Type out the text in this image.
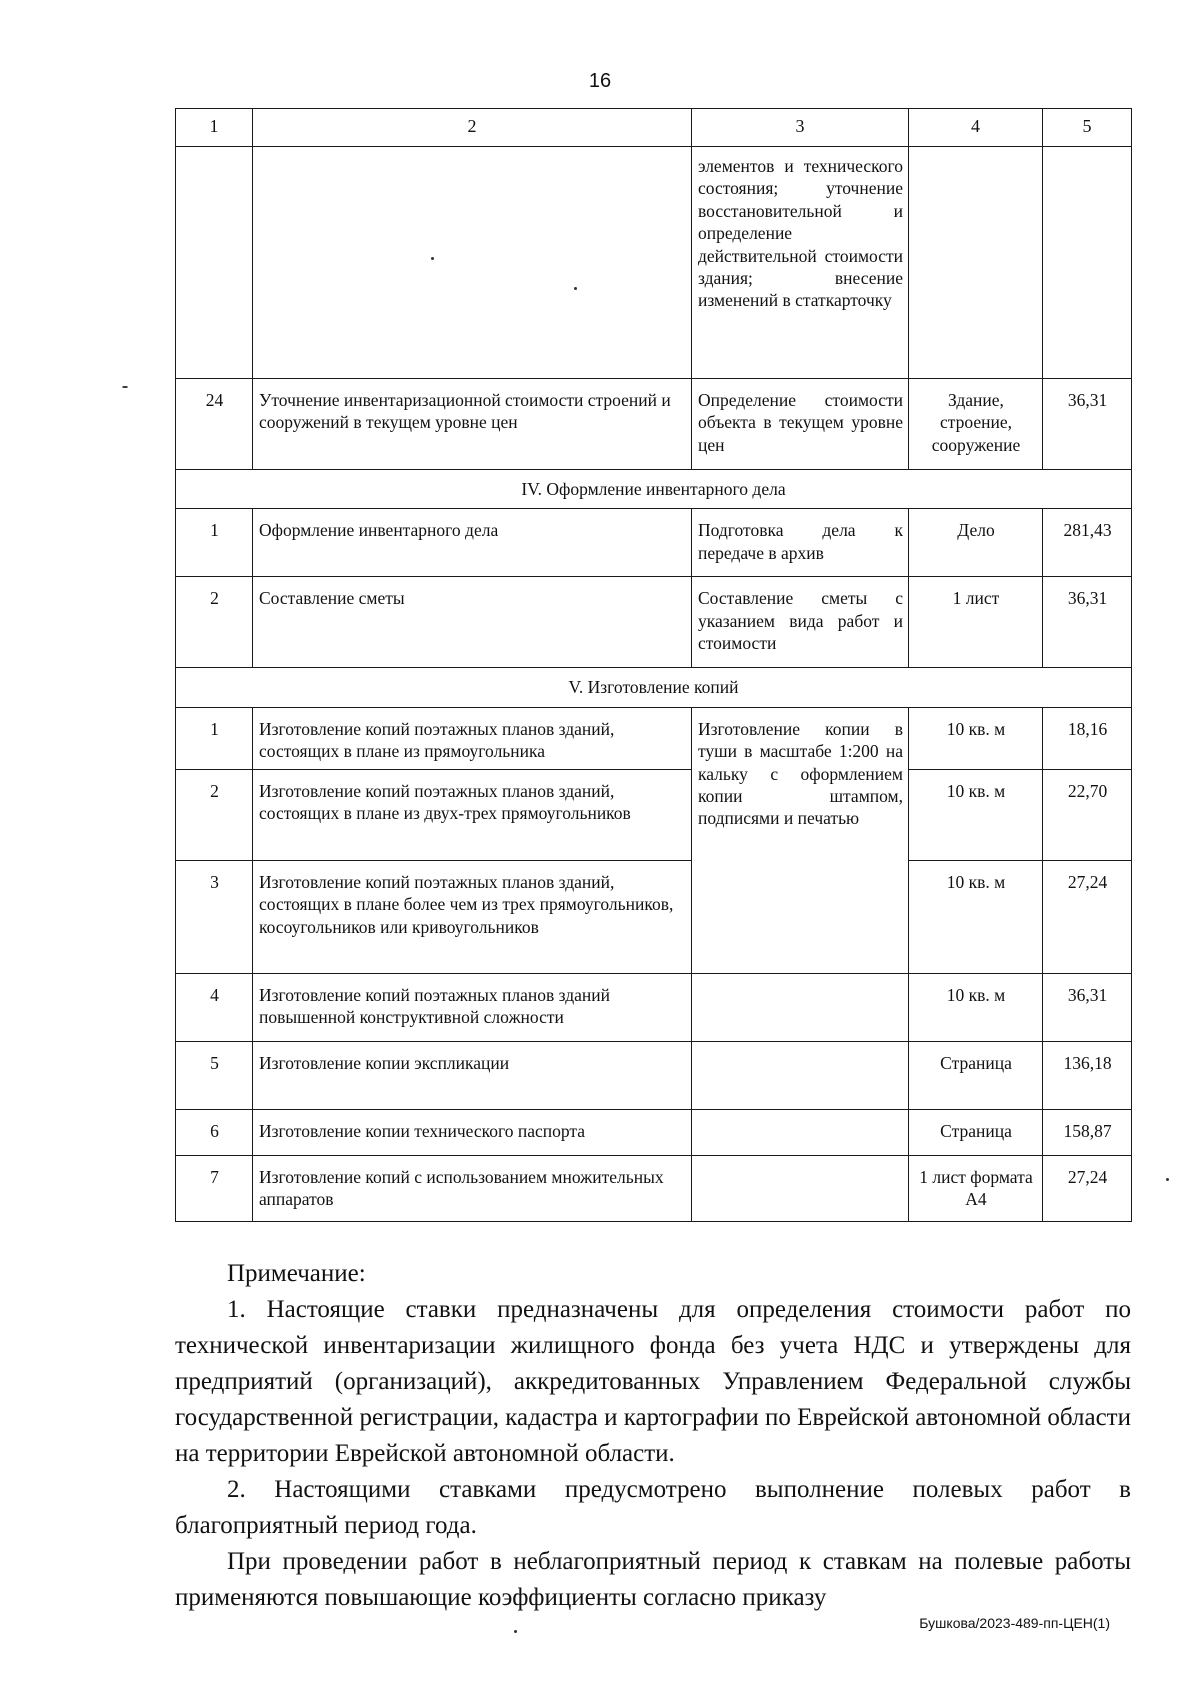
16
1	2	3	4	5
		элементов и технического состояния; уточнение восстановительной и определение действительной стоимости здания; внесение изменений в статкарточку		
24	Уточнение инвентаризационной стоимости строений и сооружений в текущем уровне цен	Определение стоимости объекта в текущем уровне цен	Здание, строение, сооружение	36,31
IV. Оформление инвентарного дела				
1	Оформление инвентарного дела	Подготовка дела к передаче в архив	Дело	281,43
2	Составление сметы	Составление сметы с указанием вида работ и стоимости	1 лист	36,31
V. Изготовление копий				
1	Изготовление копий поэтажных планов зданий, состоящих в плане из прямоугольника	Изготовление копии в туши в масштабе 1:200 на кальку с оформлением копии штампом, подписями и печатью	10 кв. м	18,16
2	Изготовление копий поэтажных планов зданий, состоящих в плане из двух-трех прямоугольников		10 кв. м	22,70
3	Изготовление копий поэтажных планов зданий, состоящих в плане более чем из трех прямоугольников, косоугольников или кривоугольников		10 кв. м	27,24
4	Изготовление копий поэтажных планов зданий повышенной конструктивной сложности		10 кв. м	36,31
5	Изготовление копии экспликации		Страница	136,18
6	Изготовление копии технического паспорта		Страница	158,87
7	Изготовление копий с использованием множительных аппаратов		1 лист формата А4	27,24

Примечание:

1. Настоящие ставки предназначены для определения стоимости работ по технической инвентаризации жилищного фонда без учета НДС и утверждены для предприятий (организаций), аккредитованных Управлением Федеральной службы государственной регистрации, кадастра и картографии по Еврейской автономной области на территории Еврейской автономной области.

2. Настоящими ставками предусмотрено выполнение полевых работ в благоприятный период года.

При проведении работ в неблагоприятный период к ставкам на полевые работы применяются повышающие коэффициенты согласно приказу

Бушкова/2023-489-пп-ЦЕН(1)
